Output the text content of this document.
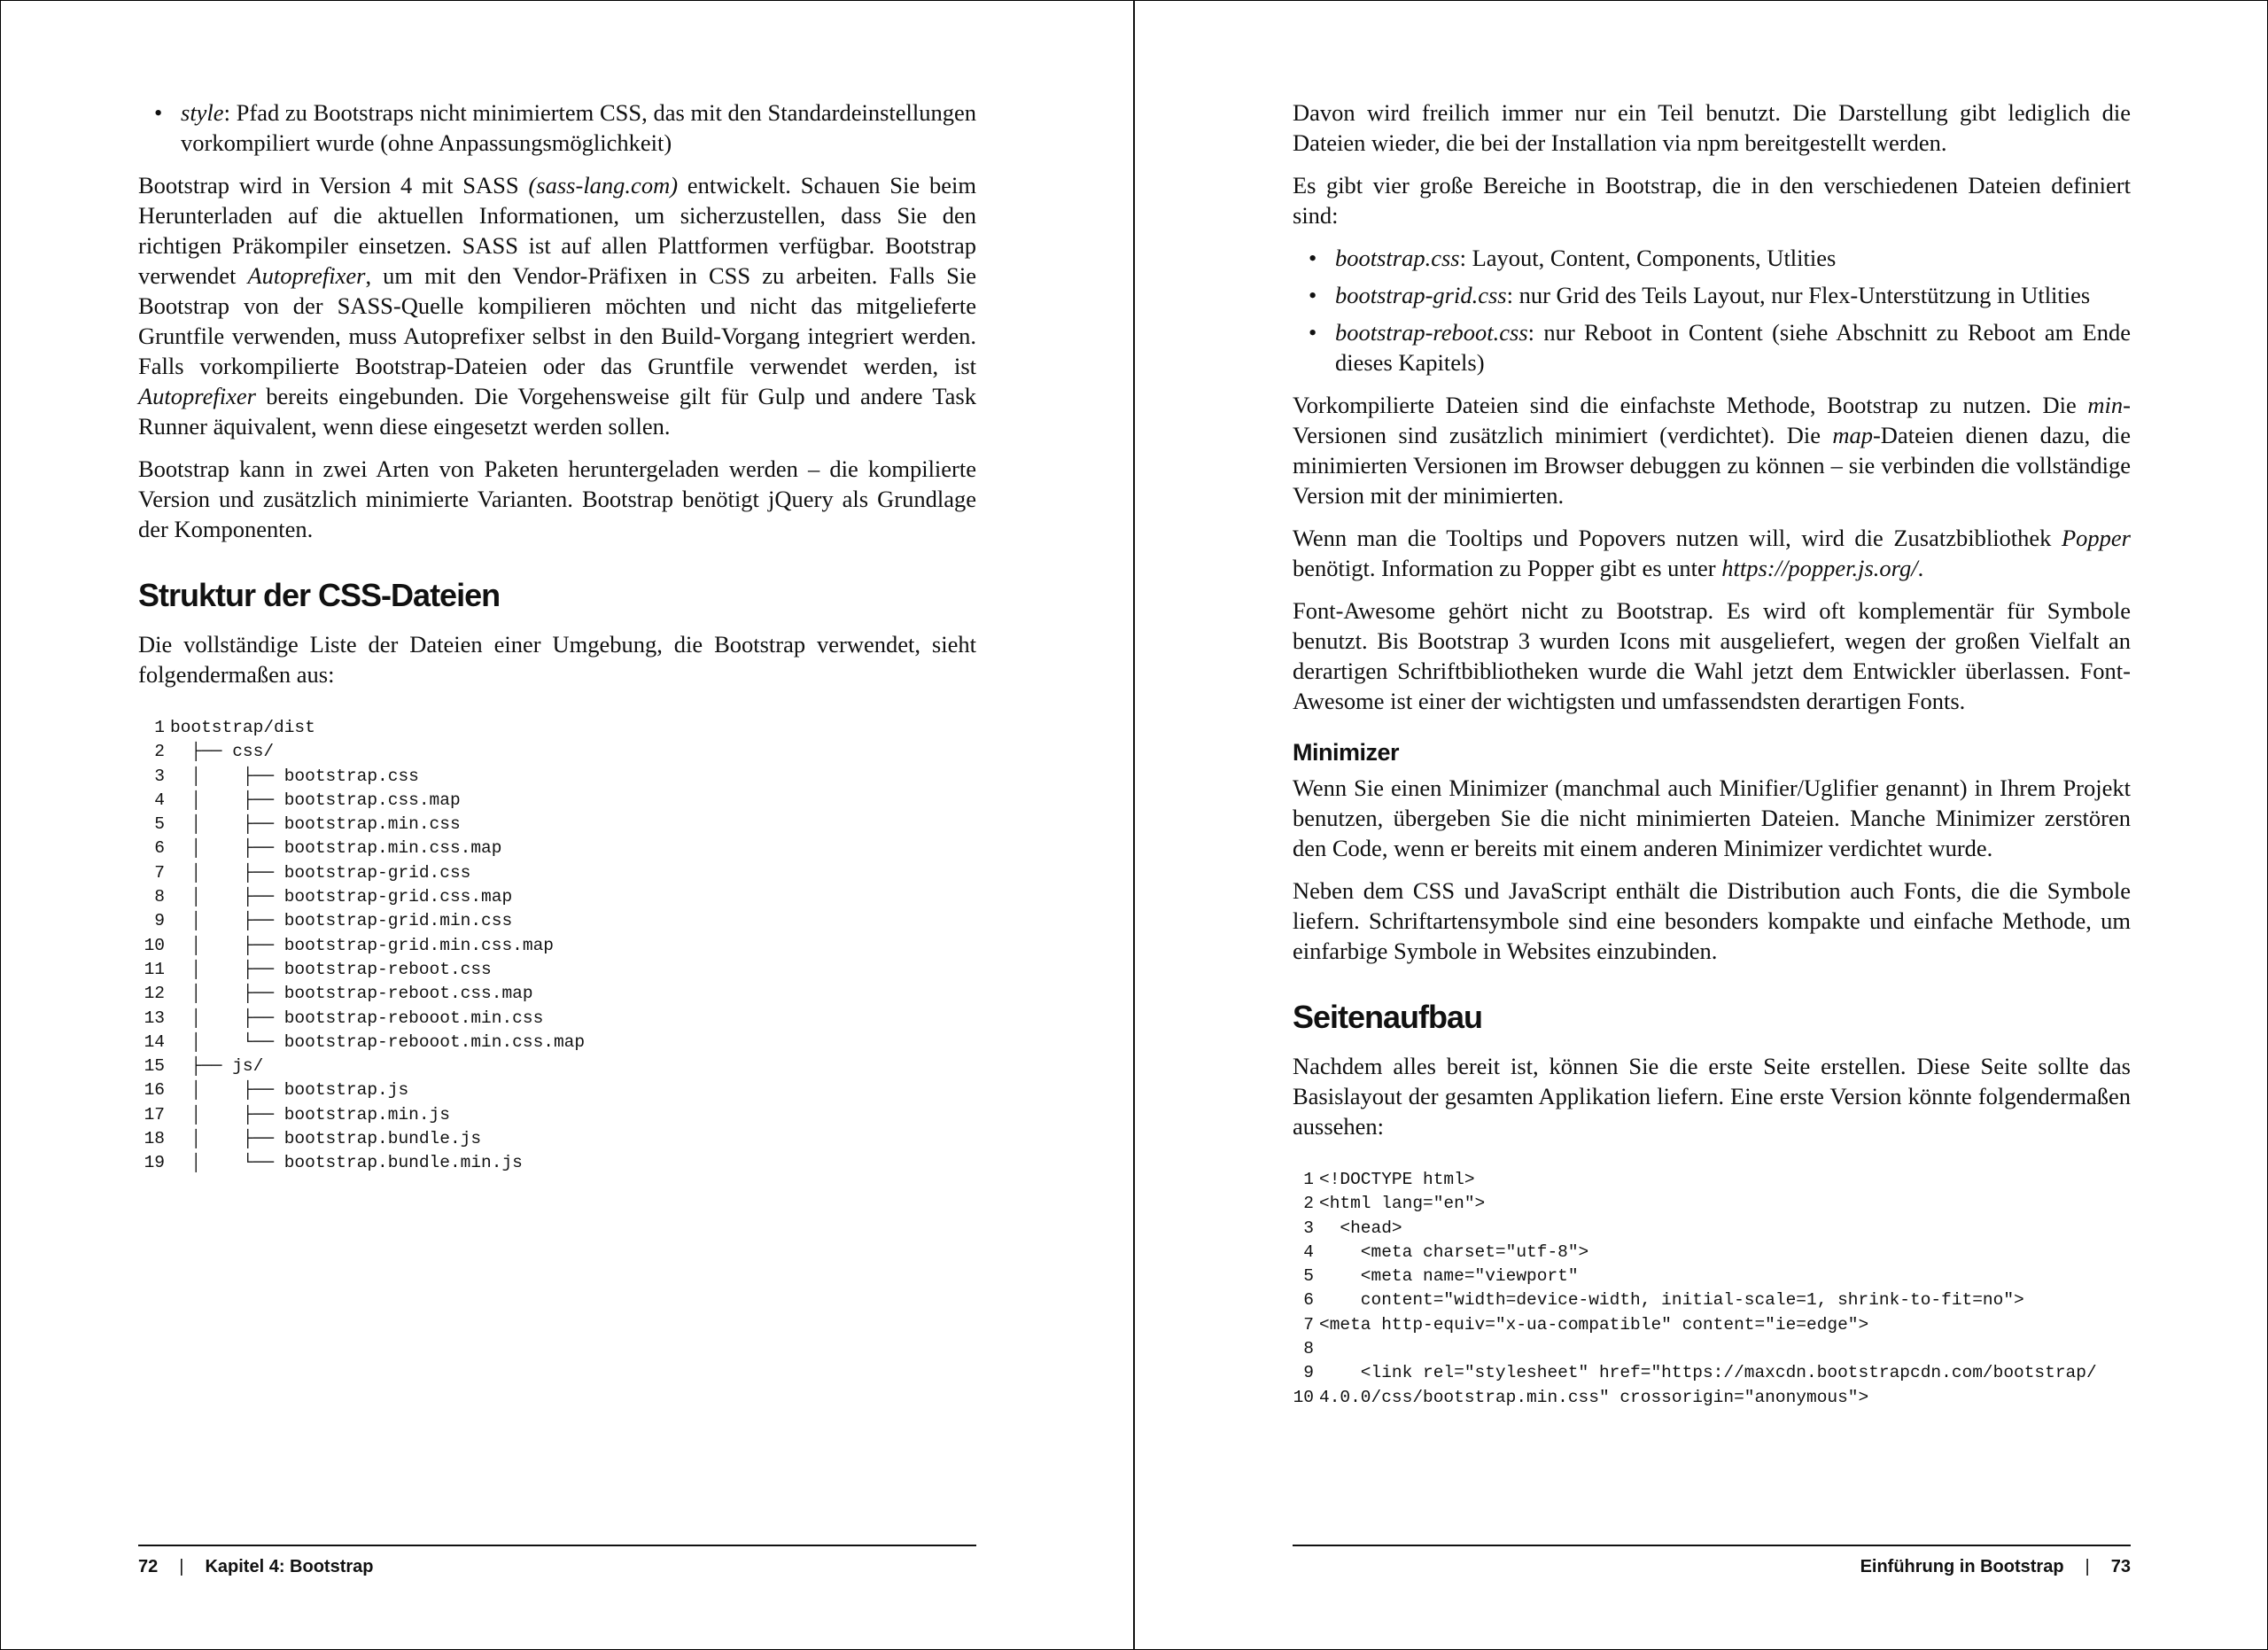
• style: Pfad zu Bootstraps nicht minimiertem CSS, das mit den Standardeinstellungen vorkompiliert wurde (ohne Anpassungsmöglichkeit)

Bootstrap wird in Version 4 mit SASS (sass-lang.com) entwickelt. Schauen Sie beim Herunterladen auf die aktuellen Informationen, um sicherzustellen, dass Sie den richtigen Präkompiler einsetzen. SASS ist auf allen Plattformen verfügbar. Bootstrap verwendet Autoprefixer, um mit den Vendor-Präfixen in CSS zu arbeiten. Falls Sie Bootstrap von der SASS-Quelle kompilieren möchten und nicht das mitgelieferte Gruntfile verwenden, muss Autoprefixer selbst in den Build-Vorgang integriert werden. Falls vorkompilierte Bootstrap-Dateien oder das Gruntfile verwendet werden, ist Autoprefixer bereits eingebunden. Die Vorgehensweise gilt für Gulp und andere Task Runner äquivalent, wenn diese eingesetzt werden sollen.

Bootstrap kann in zwei Arten von Paketen heruntergeladen werden – die kompilierte Version und zusätzlich minimierte Varianten. Bootstrap benötigt jQuery als Grundlage der Komponenten.

Struktur der CSS-Dateien

Die vollständige Liste der Dateien einer Umgebung, die Bootstrap verwendet, sieht folgendermaßen aus:

1 bootstrap/dist
2 ├── css/
3 │    ├── bootstrap.css
4 │    ├── bootstrap.css.map
5 │    ├── bootstrap.min.css
6 │    ├── bootstrap.min.css.map
7 │    ├── bootstrap-grid.css
8 │    ├── bootstrap-grid.css.map
9 │    ├── bootstrap-grid.min.css
10 │    ├── bootstrap-grid.min.css.map
11 │    ├── bootstrap-reboot.css
12 │    ├── bootstrap-reboot.css.map
13 │    ├── bootstrap-rebooot.min.css
14 │    └── bootstrap-rebooot.min.css.map
15 ├── js/
16 │    ├── bootstrap.js
17 │    ├── bootstrap.min.js
18 │    ├── bootstrap.bundle.js
19 │    └── bootstrap.bundle.min.js
72 | Kapitel 4: Bootstrap

Davon wird freilich immer nur ein Teil benutzt. Die Darstellung gibt lediglich die Dateien wieder, die bei der Installation via npm bereitgestellt werden.

Es gibt vier große Bereiche in Bootstrap, die in den verschiedenen Dateien definiert sind:

• bootstrap.css: Layout, Content, Components, Utlities
• bootstrap-grid.css: nur Grid des Teils Layout, nur Flex-Unterstützung in Utlities
• bootstrap-reboot.css: nur Reboot in Content (siehe Abschnitt zu Reboot am Ende dieses Kapitels)

Vorkompilierte Dateien sind die einfachste Methode, Bootstrap zu nutzen. Die min-Versionen sind zusätzlich minimiert (verdichtet). Die map-Dateien dienen dazu, die minimierten Versionen im Browser debuggen zu können – sie verbinden die vollständige Version mit der minimierten.

Wenn man die Tooltips und Popovers nutzen will, wird die Zusatzbibliothek Popper benötigt. Information zu Popper gibt es unter https://popper.js.org/.

Font-Awesome gehört nicht zu Bootstrap. Es wird oft komplementär für Symbole benutzt. Bis Bootstrap 3 wurden Icons mit ausgeliefert, wegen der großen Vielfalt an derartigen Schriftbibliotheken wurde die Wahl jetzt dem Entwickler überlassen. Font-Awesome ist einer der wichtigsten und umfassendsten derartigen Fonts.

Minimizer

Wenn Sie einen Minimizer (manchmal auch Minifier/Uglifier genannt) in Ihrem Projekt benutzen, übergeben Sie die nicht minimierten Dateien. Manche Minimizer zerstören den Code, wenn er bereits mit einem anderen Minimizer verdichtet wurde.

Neben dem CSS und JavaScript enthält die Distribution auch Fonts, die die Symbole liefern. Schriftartensymbole sind eine besonders kompakte und einfache Methode, um einfarbige Symbole in Websites einzubinden.

Seitenaufbau

Nachdem alles bereit ist, können Sie die erste Seite erstellen. Diese Seite sollte das Basislayout der gesamten Applikation liefern. Eine erste Version könnte folgendermaßen aussehen:

1 <!DOCTYPE html>
2 <html lang="en">
3 <head>
4 <meta charset="utf-8">
5 <meta name="viewport"
6 content="width=device-width, initial-scale=1, shrink-to-fit=no">
7 <meta http-equiv="x-ua-compatible" content="ie=edge">
8
9 <link rel="stylesheet" href="https://maxcdn.bootstrapcdn.com/bootstrap/
10 4.0.0/css/bootstrap.min.css" crossorigin="anonymous">
Einführung in Bootstrap | 73
